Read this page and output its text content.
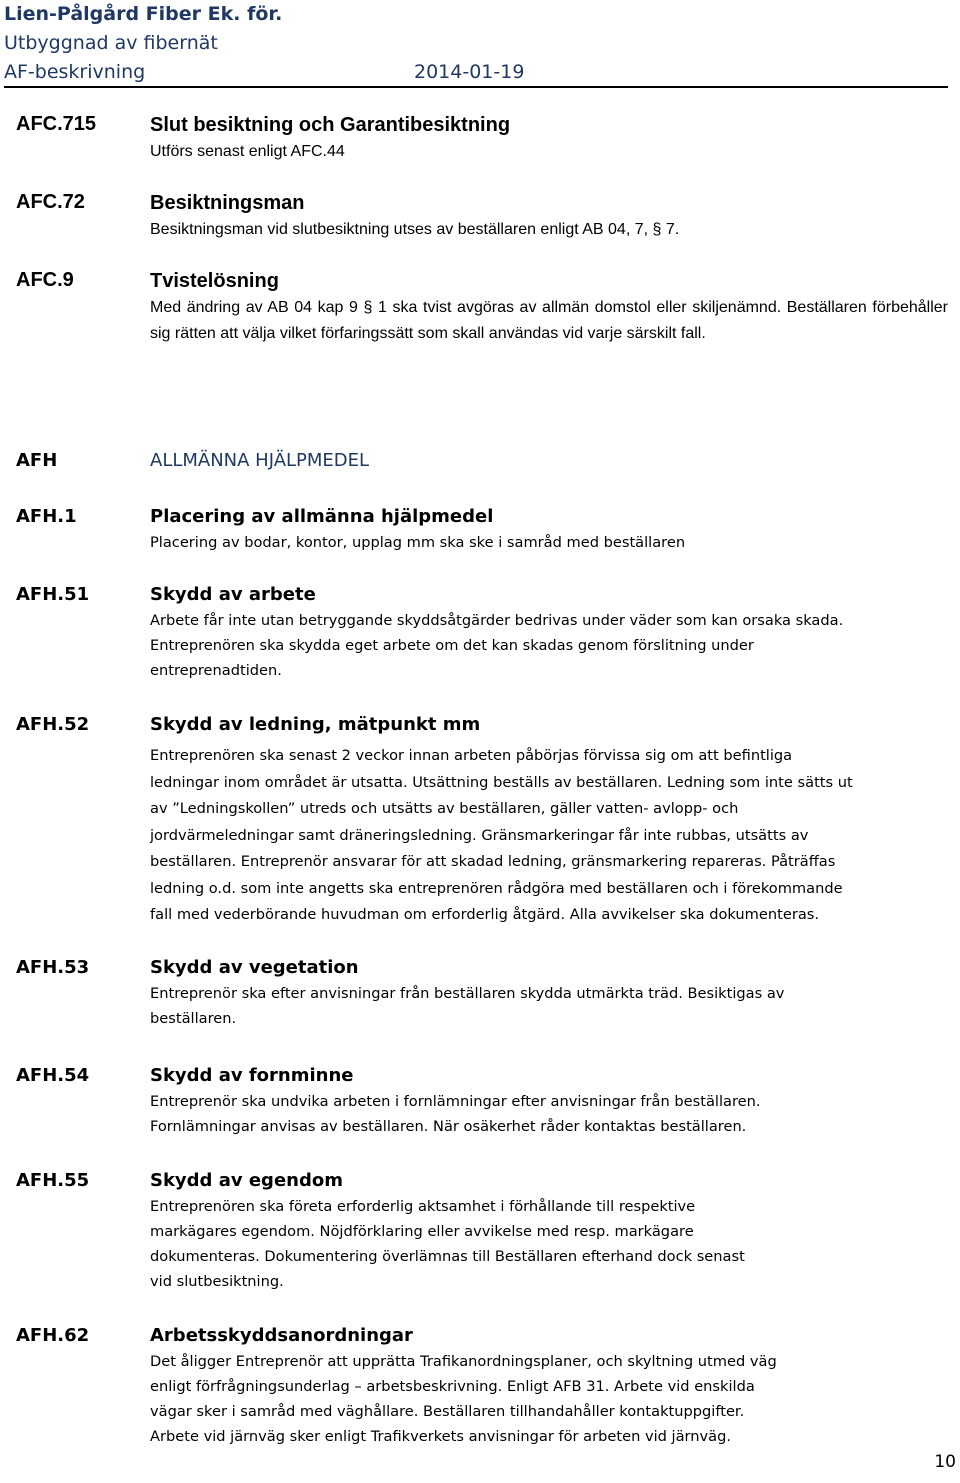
Lien-Pålgård Fiber Ek. för.
Utbyggnad av fibernät
AF-beskrivning	2014-01-19
AFC.715	Slut besiktning och Garantibesiktning

Utförs senast enligt AFC.44

AFC.72	Besiktningsman

Besiktningsman vid slutbesiktning utses av beställaren enligt AB 04, 7, § 7.

AFC.9	Tvistelösning

Med ändring av AB 04 kap 9 § 1 ska tvist avgöras av allmän domstol eller skiljenämnd. Beställaren förbehåller sig rätten att välja vilket förfaringssätt som skall användas vid varje särskilt fall.

AFH	ALLMÄNNA HJÄLPMEDEL
AFH.1	Placering av allmänna hjälpmedel

Placering av bodar, kontor, upplag mm ska ske i samråd med beställaren

AFH.51	Skydd av arbete

Arbete får inte utan betryggande skyddsåtgärder bedrivas under väder som kan orsaka skada.

Entreprenören ska skydda eget arbete om det kan skadas genom förslitning under

entreprenadtiden.

AFH.52	Skydd av ledning, mätpunkt mm

Entreprenören ska senast 2 veckor innan arbeten påbörjas förvissa sig om att befintliga

ledningar inom området är utsatta. Utsättning beställs av beställaren. Ledning som inte sätts ut

av ”Ledningskollen” utreds och utsätts av beställaren, gäller vatten- avlopp- och

jordvärmeledningar samt dräneringsledning. Gränsmarkeringar får inte rubbas, utsätts av

beställaren. Entreprenör ansvarar för att skadad ledning, gränsmarkering repareras. Påträffas

ledning o.d. som inte angetts ska entreprenören rådgöra med beställaren och i förekommande

fall med vederbörande huvudman om erforderlig åtgärd. Alla avvikelser ska dokumenteras.

AFH.53	Skydd av vegetation

Entreprenör ska efter anvisningar från beställaren skydda utmärkta träd. Besiktigas av

beställaren.

AFH.54	Skydd av fornminne

Entreprenör ska undvika arbeten i fornlämningar efter anvisningar från beställaren.

Fornlämningar anvisas av beställaren. När osäkerhet råder kontaktas beställaren.

AFH.55	Skydd av egendom

Entreprenören ska företa erforderlig aktsamhet i förhållande till respektive

markägares egendom. Nöjdförklaring eller avvikelse med resp. markägare

dokumenteras. Dokumentering överlämnas till Beställaren efterhand dock senast

vid slutbesiktning.

AFH.62	Arbetsskyddsanordningar

Det åligger Entreprenör att upprätta Trafikanordningsplaner, och skyltning utmed väg

enligt förfrågningsunderlag – arbetsbeskrivning. Enligt AFB 31. Arbete vid enskilda

vägar sker i samråd med väghållare. Beställaren tillhandahåller kontaktuppgifter.

Arbete vid järnväg sker enligt Trafikverkets anvisningar för arbeten vid järnväg.

10
